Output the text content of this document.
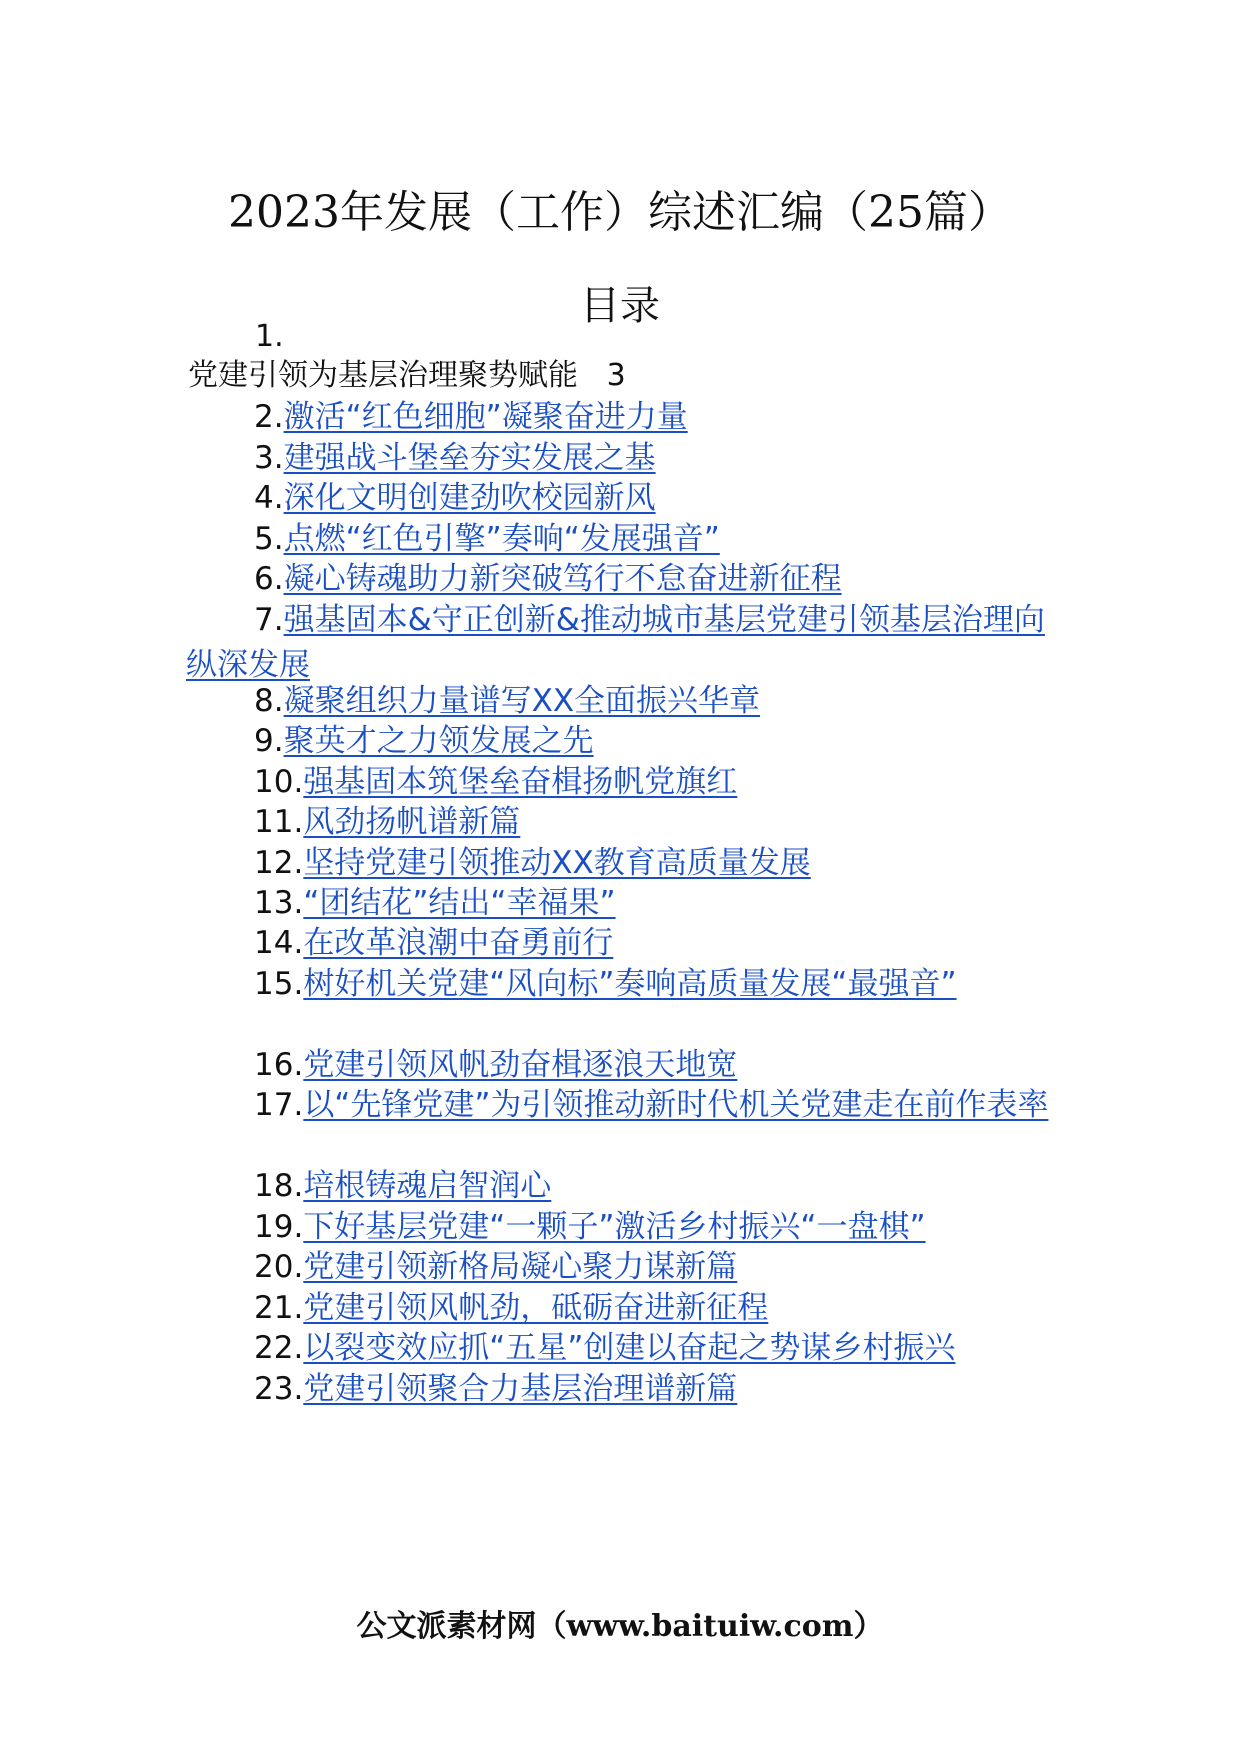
2023年发展（工作）综述汇编（25篇）
目录
1.
党建引领为基层治理聚势赋能 3
2.激活“红色细胞”凝聚奋进力量
3.建强战斗堡垒夯实发展之基
4.深化文明创建劲吹校园新风
5.点燃“红色引擎”奏响“发展强音”
6.凝心铸魂助力新突破笃行不怠奋进新征程
7.强基固本&守正创新&推动城市基层党建引领基层治理向纵深发展
8.凝聚组织力量谱写XX全面振兴华章
9.聚英才之力领发展之先
10.强基固本筑堡垒奋楫扬帆党旗红
11.风劲扬帆谱新篇
12.坚持党建引领推动XX教育高质量发展
13.“团结花”结出“幸福果”
14.在改革浪潮中奋勇前行
15.树好机关党建“风向标”奏响高质量发展“最强音”
16.党建引领风帆劲奋楫逐浪天地宽
17.以“先锋党建”为引领推动新时代机关党建走在前作表率
18.培根铸魂启智润心
19.下好基层党建“一颗子”激活乡村振兴“一盘棋”
20.党建引领新格局凝心聚力谋新篇
21.党建引领风帆劲，砥砺奋进新征程
22.以裂变效应抓“五星”创建以奋起之势谋乡村振兴
23.党建引领聚合力基层治理谱新篇
公文派素材网（www.baituiw.com）
